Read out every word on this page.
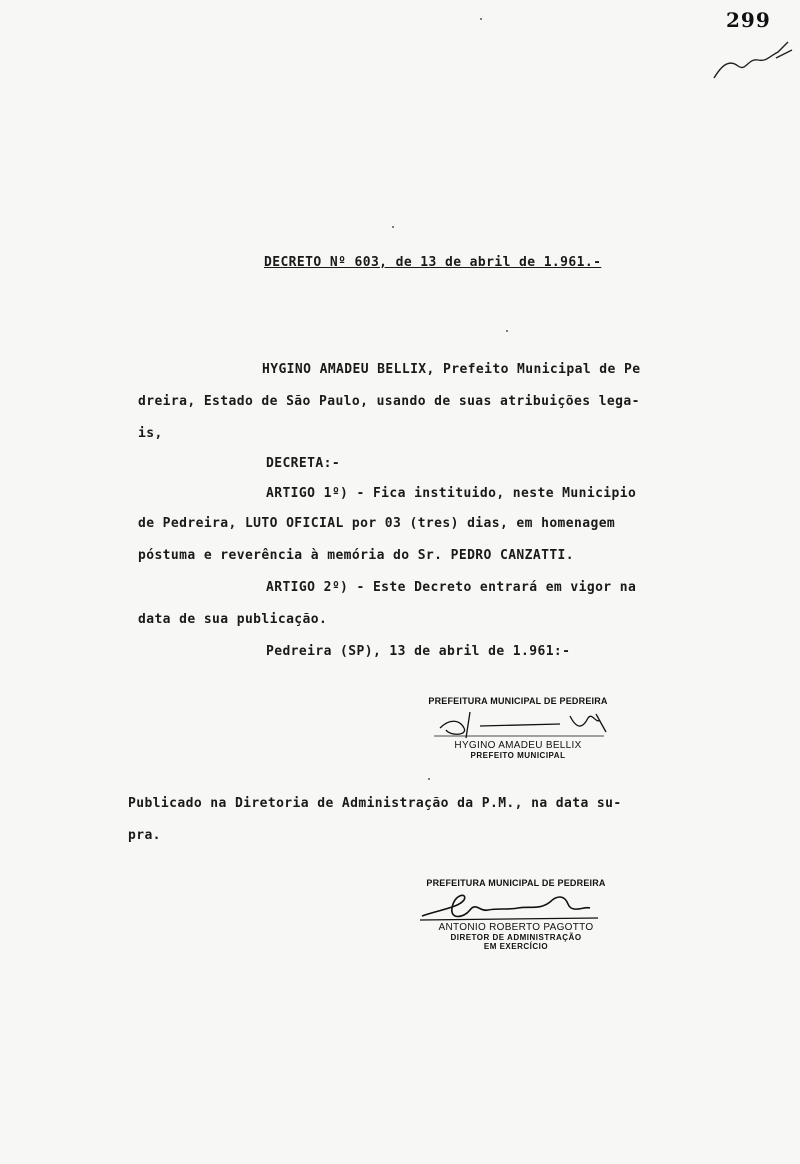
299
DECRETO Nº 603, de 13 de abril de 1.961.-
HYGINO AMADEU BELLIX, Prefeito Municipal de Pe
dreira, Estado de São Paulo, usando de suas atribuições lega-
is,
DECRETA:-
ARTIGO 1º) - Fica instituido, neste Municipio
de Pedreira, LUTO OFICIAL por 03 (tres) dias, em homenagem
póstuma e reverência à memória do Sr. PEDRO CANZATTI.
ARTIGO 2º) - Este Decreto entrará em vigor na
data de sua publicação.
Pedreira (SP), 13 de abril de 1.961:-
PREFEITURA MUNICIPAL DE PEDREIRA
HYGINO AMADEU BELLIX
PREFEITO MUNICIPAL
Publicado na Diretoria de Administração da P.M., na data su-
pra.
PREFEITURA MUNICIPAL DE PEDREIRA
ANTONIO ROBERTO PAGOTTO
DIRETOR DE ADMINISTRAÇÃO
EM EXERCÍCIO
